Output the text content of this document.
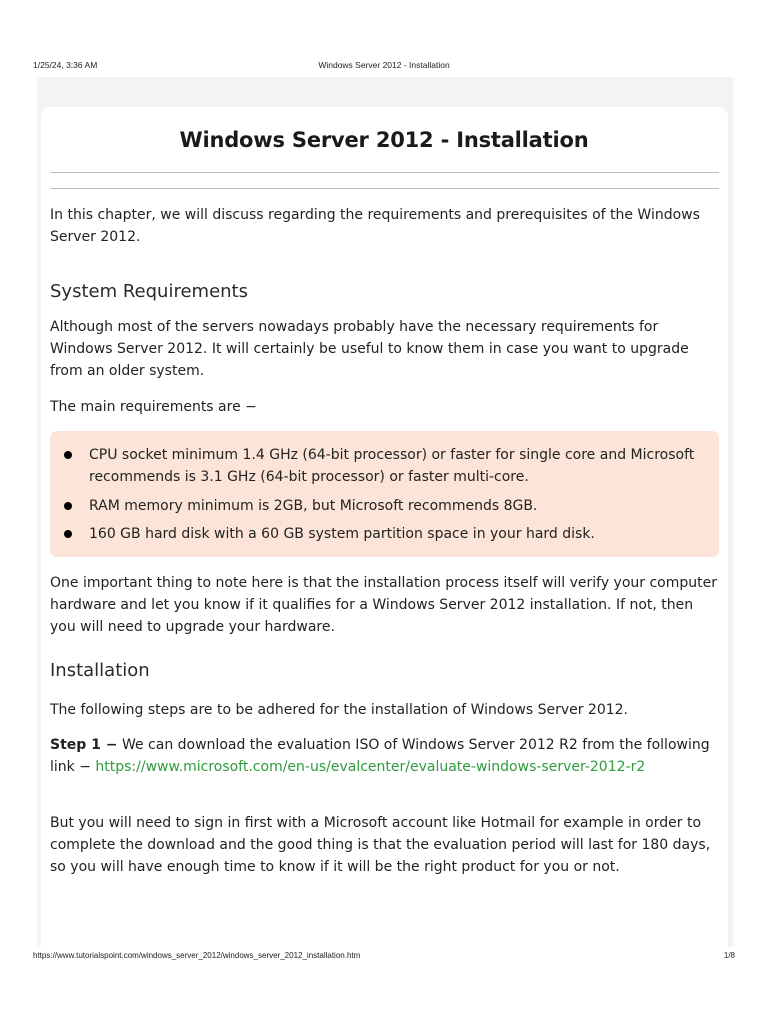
1/25/24, 3:36 AM	Windows Server 2012 - Installation
Windows Server 2012 - Installation

In this chapter, we will discuss regarding the requirements and prerequisites of the Windows Server 2012.

System Requirements

Although most of the servers nowadays probably have the necessary requirements for Windows Server 2012. It will certainly be useful to know them in case you want to upgrade from an older system.

The main requirements are −

CPU socket minimum 1.4 GHz (64-bit processor) or faster for single core and Microsoft recommends is 3.1 GHz (64-bit processor) or faster multi-core.

RAM memory minimum is 2GB, but Microsoft recommends 8GB.

160 GB hard disk with a 60 GB system partition space in your hard disk.

One important thing to note here is that the installation process itself will verify your computer hardware and let you know if it qualifies for a Windows Server 2012 installation. If not, then you will need to upgrade your hardware.

Installation

The following steps are to be adhered for the installation of Windows Server 2012.

Step 1 − We can download the evaluation ISO of Windows Server 2012 R2 from the following link − https://www.microsoft.com/en-us/evalcenter/evaluate-windows-server-2012-r2

But you will need to sign in first with a Microsoft account like Hotmail for example in order to complete the download and the good thing is that the evaluation period will last for 180 days, so you will have enough time to know if it will be the right product for you or not.

https://www.tutorialspoint.com/windows_server_2012/windows_server_2012_installation.htm	1/8
